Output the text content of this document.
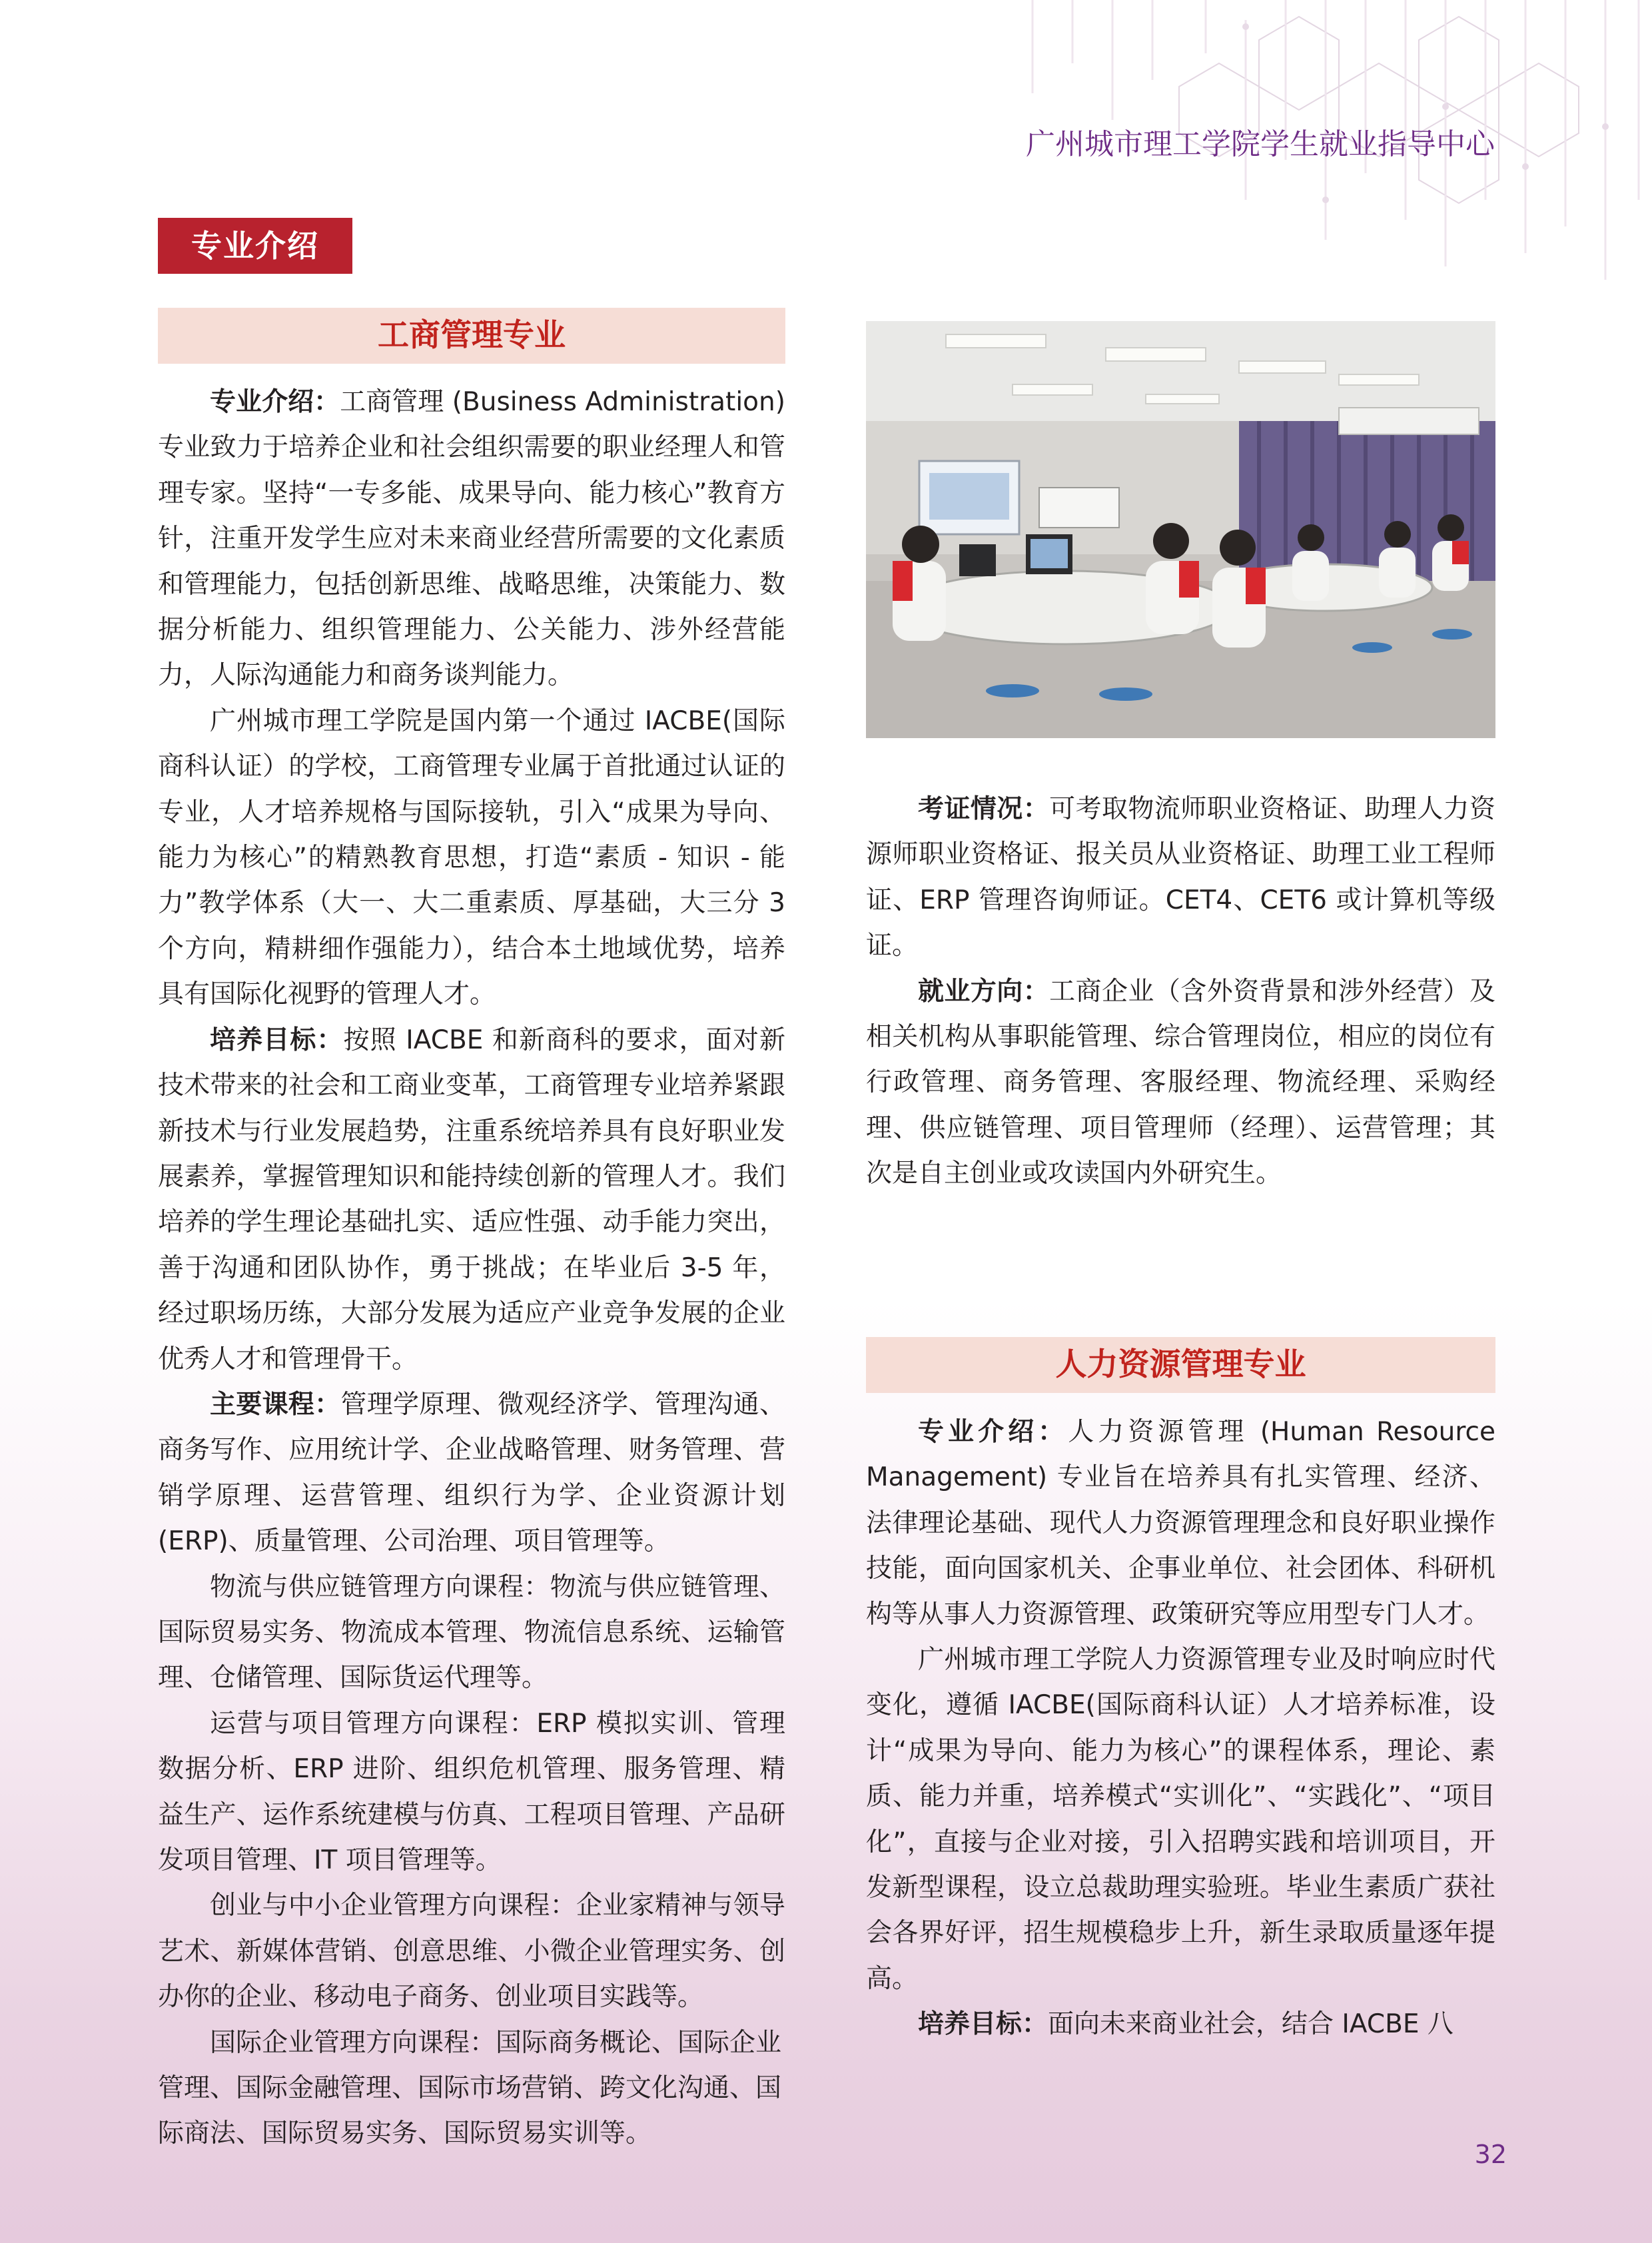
广州城市理工学院学生就业指导中心
专业介绍
工商管理专业

专业介绍：工商管理 (Business Administration) 专业致力于培养企业和社会组织需要的职业经理人和管理专家。坚持“一专多能、成果导向、能力核心”教育方针，注重开发学生应对未来商业经营所需要的文化素质和管理能力，包括创新思维、战略思维，决策能力、数据分析能力、组织管理能力、公关能力、涉外经营能力，人际沟通能力和商务谈判能力。

广州城市理工学院是国内第一个通过 IACBE(国际商科认证）的学校，工商管理专业属于首批通过认证的专业，人才培养规格与国际接轨，引入“成果为导向、能力为核心”的精熟教育思想，打造“素质 - 知识 - 能力”教学体系（大一、大二重素质、厚基础，大三分 3 个方向，精耕细作强能力），结合本土地域优势，培养具有国际化视野的管理人才。

培养目标：按照 IACBE 和新商科的要求，面对新技术带来的社会和工商业变革，工商管理专业培养紧跟新技术与行业发展趋势，注重系统培养具有良好职业发展素养，掌握管理知识和能持续创新的管理人才。我们培养的学生理论基础扎实、适应性强、动手能力突出，善于沟通和团队协作，勇于挑战；在毕业后 3-5 年，经过职场历练，大部分发展为适应产业竞争发展的企业优秀人才和管理骨干。

主要课程：管理学原理、微观经济学、管理沟通、商务写作、应用统计学、企业战略管理、财务管理、营销学原理、运营管理、组织行为学、企业资源计划 (ERP)、质量管理、公司治理、项目管理等。

物流与供应链管理方向课程：物流与供应链管理、国际贸易实务、物流成本管理、物流信息系统、运输管理、仓储管理、国际货运代理等。

运营与项目管理方向课程：ERP 模拟实训、管理数据分析、ERP 进阶、组织危机管理、服务管理、精益生产、运作系统建模与仿真、工程项目管理、产品研发项目管理、IT 项目管理等。

创业与中小企业管理方向课程：企业家精神与领导艺术、新媒体营销、创意思维、小微企业管理实务、创办你的企业、移动电子商务、创业项目实践等。

国际企业管理方向课程：国际商务概论、国际企业管理、国际金融管理、国际市场营销、跨文化沟通、国际商法、国际贸易实务、国际贸易实训等。

考证情况：可考取物流师职业资格证、助理人力资源师职业资格证、报关员从业资格证、助理工业工程师证、ERP 管理咨询师证。CET4、CET6 或计算机等级证。

就业方向：工商企业（含外资背景和涉外经营）及相关机构从事职能管理、综合管理岗位，相应的岗位有行政管理、商务管理、客服经理、物流经理、采购经理、供应链管理、项目管理师（经理）、运营管理；其次是自主创业或攻读国内外研究生。

人力资源管理专业

专业介绍：人力资源管理 (Human Resource Management) 专业旨在培养具有扎实管理、经济、法律理论基础、现代人力资源管理理念和良好职业操作技能，面向国家机关、企事业单位、社会团体、科研机构等从事人力资源管理、政策研究等应用型专门人才。

广州城市理工学院人力资源管理专业及时响应时代变化，遵循 IACBE(国际商科认证）人才培养标准，设计“成果为导向、能力为核心”的课程体系，理论、素质、能力并重，培养模式“实训化”、“实践化”、“项目化”，直接与企业对接，引入招聘实践和培训项目，开发新型课程，设立总裁助理实验班。毕业生素质广获社会各界好评，招生规模稳步上升，新生录取质量逐年提高。

培养目标：面向未来商业社会，结合 IACBE 八

32
